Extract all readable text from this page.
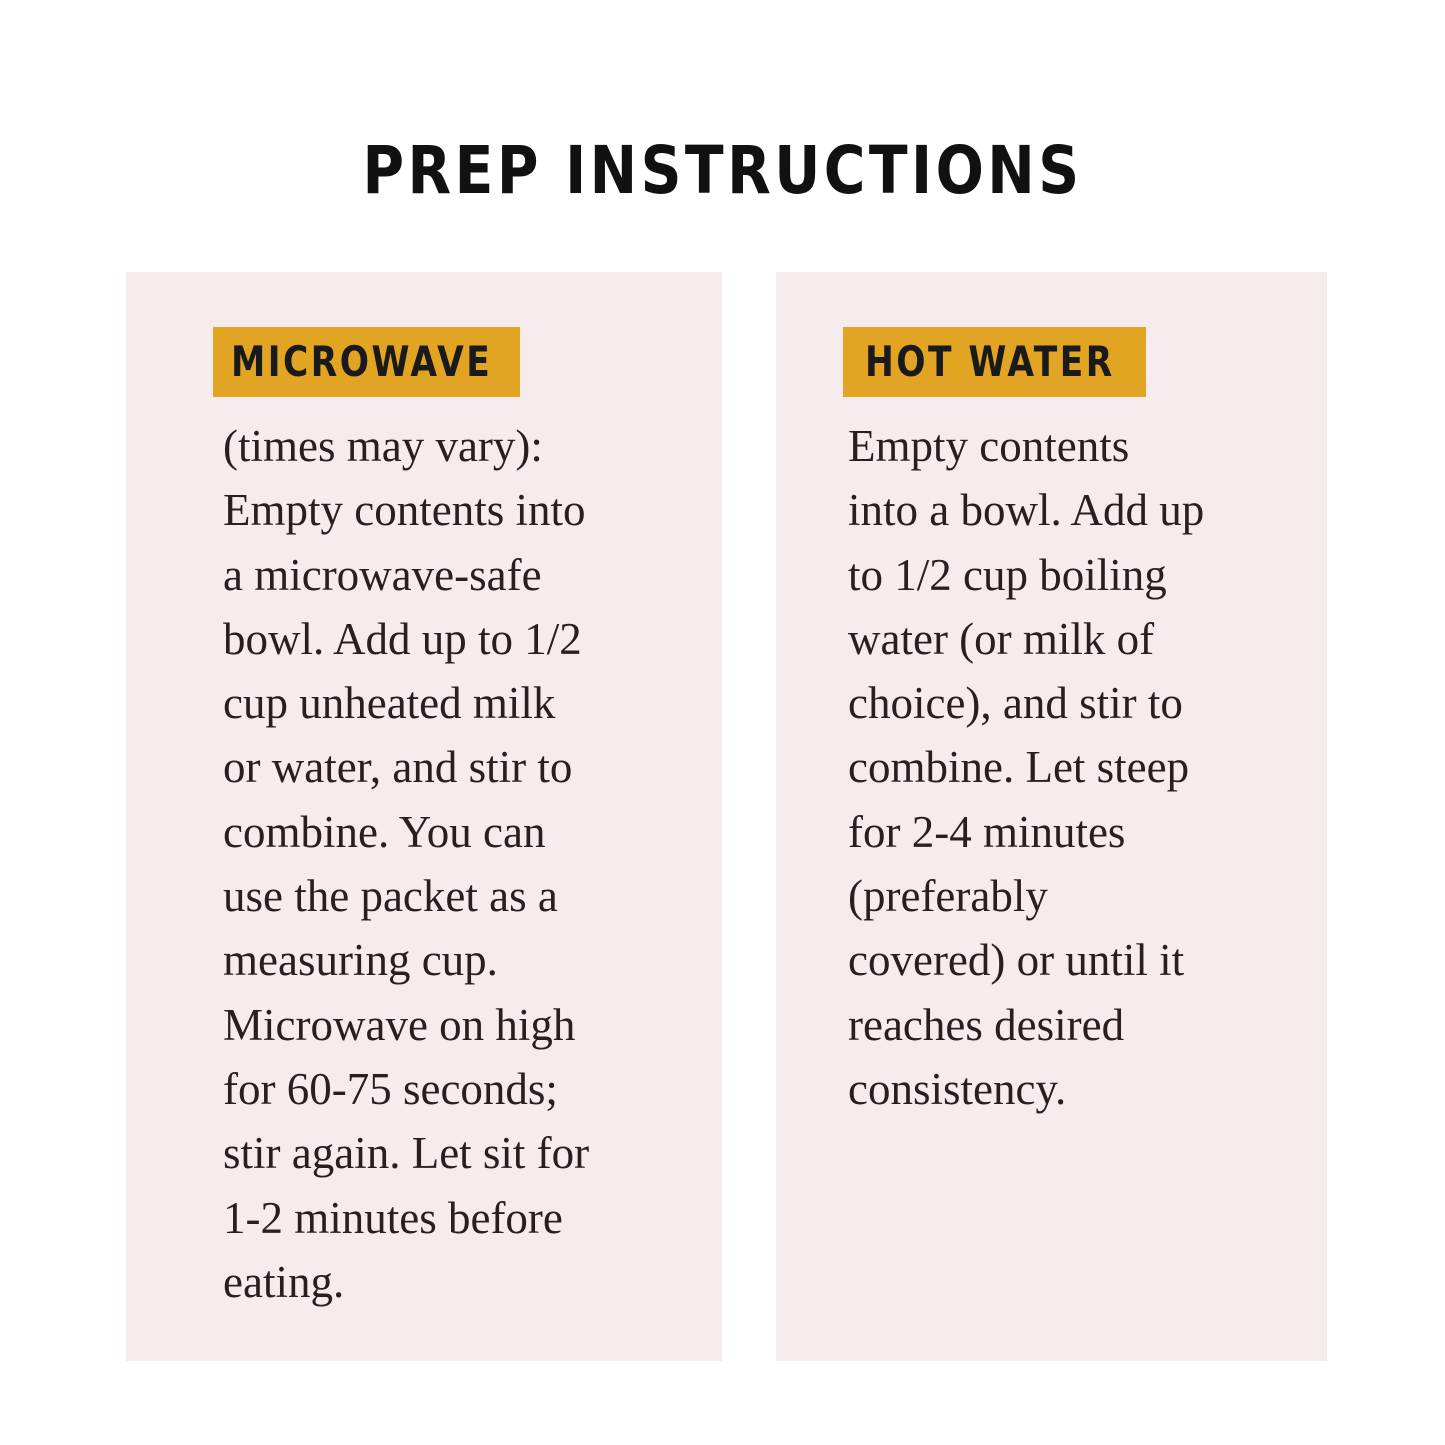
PREP INSTRUCTIONS
MICROWAVE

(times may vary):
Empty contents into
a microwave-safe
bowl. Add up to 1/2
cup unheated milk
or water, and stir to
combine. You can
use the packet as a
measuring cup.
Microwave on high
for 60-75 seconds;
stir again. Let sit for
1-2 minutes before
eating.

HOT WATER

Empty contents
into a bowl. Add up
to 1/2 cup boiling
water (or milk of
choice), and stir to
combine. Let steep
for 2-4 minutes
(preferably
covered) or until it
reaches desired
consistency.
